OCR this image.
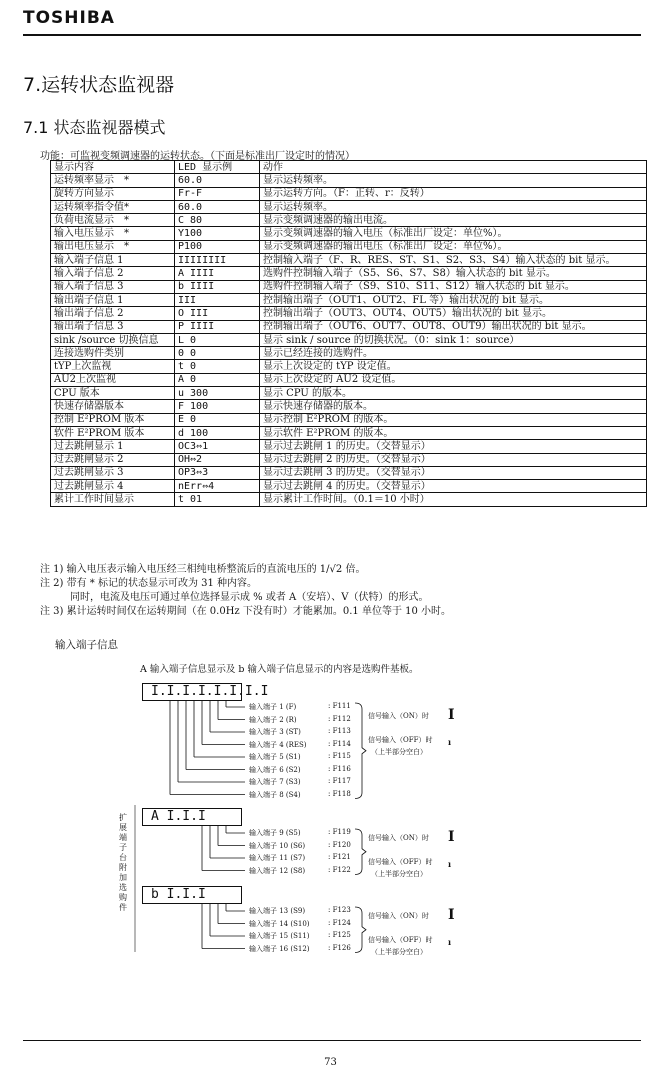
TOSHIBA
7.运转状态监视器
7.1 状态监视器模式
功能：可监视变频调速器的运转状态。（下面是标准出厂设定时的情况）
显示内容	LED 显示例	动作
运转频率显示　*	60.0	显示运转频率。
旋转方向显示	Fr-F	显示运转方向。（F：正转、r：反转）
运转频率指令值*	60.0	显示运转频率。
负荷电流显示　*	C 80	显示变频调速器的输出电流。
输入电压显示　*	Y100	显示变频调速器的输入电压（标准出厂设定：单位%）。
输出电压显示　*	P100	显示变频调速器的输出电压（标准出厂设定：单位%）。
输入端子信息 1	IIIIIIII	控制输入端子（F、R、RES、ST、S1、S2、S3、S4）输入状态的 bit 显示。
输入端子信息 2	A IIII	选购件控制输入端子（S5、S6、S7、S8）输入状态的 bit 显示。
输入端子信息 3	b IIII	选购件控制输入端子（S9、S10、S11、S12）输入状态的 bit 显示。
输出端子信息 1	III	控制输出端子（OUT1、OUT2、FL 等）输出状况的 bit 显示。
输出端子信息 2	O III	控制输出端子（OUT3、OUT4、OUT5）输出状况的 bit 显示。
输出端子信息 3	P IIII	控制输出端子（OUT6、OUT7、OUT8、OUT9）输出状况的 bit 显示。
sink /source 切换信息	L 0	显示 sink / source 的切换状况。（0：sink 1：source）
连接选购件类别	0 0	显示已经连接的选购件。
tYP上次监视	t 0	显示上次设定的 tYP 设定值。
AU2上次监视	A 0	显示上次设定的 AU2 设定值。
CPU 版本	u 300	显示 CPU 的版本。
快速存储器版本	F 100	显示快速存储器的版本。
控制 E²PROM 版本	E 0	显示控制 E²PROM 的版本。
软件 E²PROM 版本	d 100	显示软件 E²PROM 的版本。
过去跳闸显示 1	OC3⇔1	显示过去跳闸 1 的历史。（交替显示）
过去跳闸显示 2	OH⇔2	显示过去跳闸 2 的历史。（交替显示）
过去跳闸显示 3	OP3⇔3	显示过去跳闸 3 的历史。（交替显示）
过去跳闸显示 4	nErr⇔4	显示过去跳闸 4 的历史。（交替显示）
累计工作时间显示	t 01	显示累计工作时间。（0.1＝10 小时）
注 1) 输入电压表示输入电压经三相纯电桥整流后的直流电压的 1/√2 倍。
注 2) 带有 * 标记的状态显示可改为 31 种内容。
　　　同时，电流及电压可通过单位选择显示成 % 或者 A（安培）、V（伏特）的形式。
注 3) 累计运转时间仅在运转期间（在 0.0Hz 下没有时）才能累加。0.1 单位等于 10 小时。
输入端子信息
A 输入端子信息显示及 b 输入端子信息显示的内容是选购件基板。
I.I.I.I.I.I.I.I
A I.I.I
b I.I.I
输入端子 1 (F)	: F111
输入端子 2 (R)	: F112
输入端子 3 (ST)	: F113
输入端子 4 (RES)	: F114
输入端子 5 (S1)	: F115
输入端子 6 (S2)	: F116
输入端子 7 (S3)	: F117
输入端子 8 (S4)	: F118
信号输入（ON）时 I
信号输入（OFF）时 ı
（上半部分空白）
输入端子 9 (S5)	: F119
输入端子 10 (S6)	: F120
输入端子 11 (S7)	: F121
输入端子 12 (S8)	: F122
信号输入（ON）时 I
信号输入（OFF）时 ı
（上半部分空白）
输入端子 13 (S9)	: F123
输入端子 14 (S10)	: F124
输入端子 15 (S11)	: F125
输入端子 16 (S12)	: F126
信号输入（ON）时 I
信号输入（OFF）时 ı
（上半部分空白）
扩展端子台附加选购件
73
